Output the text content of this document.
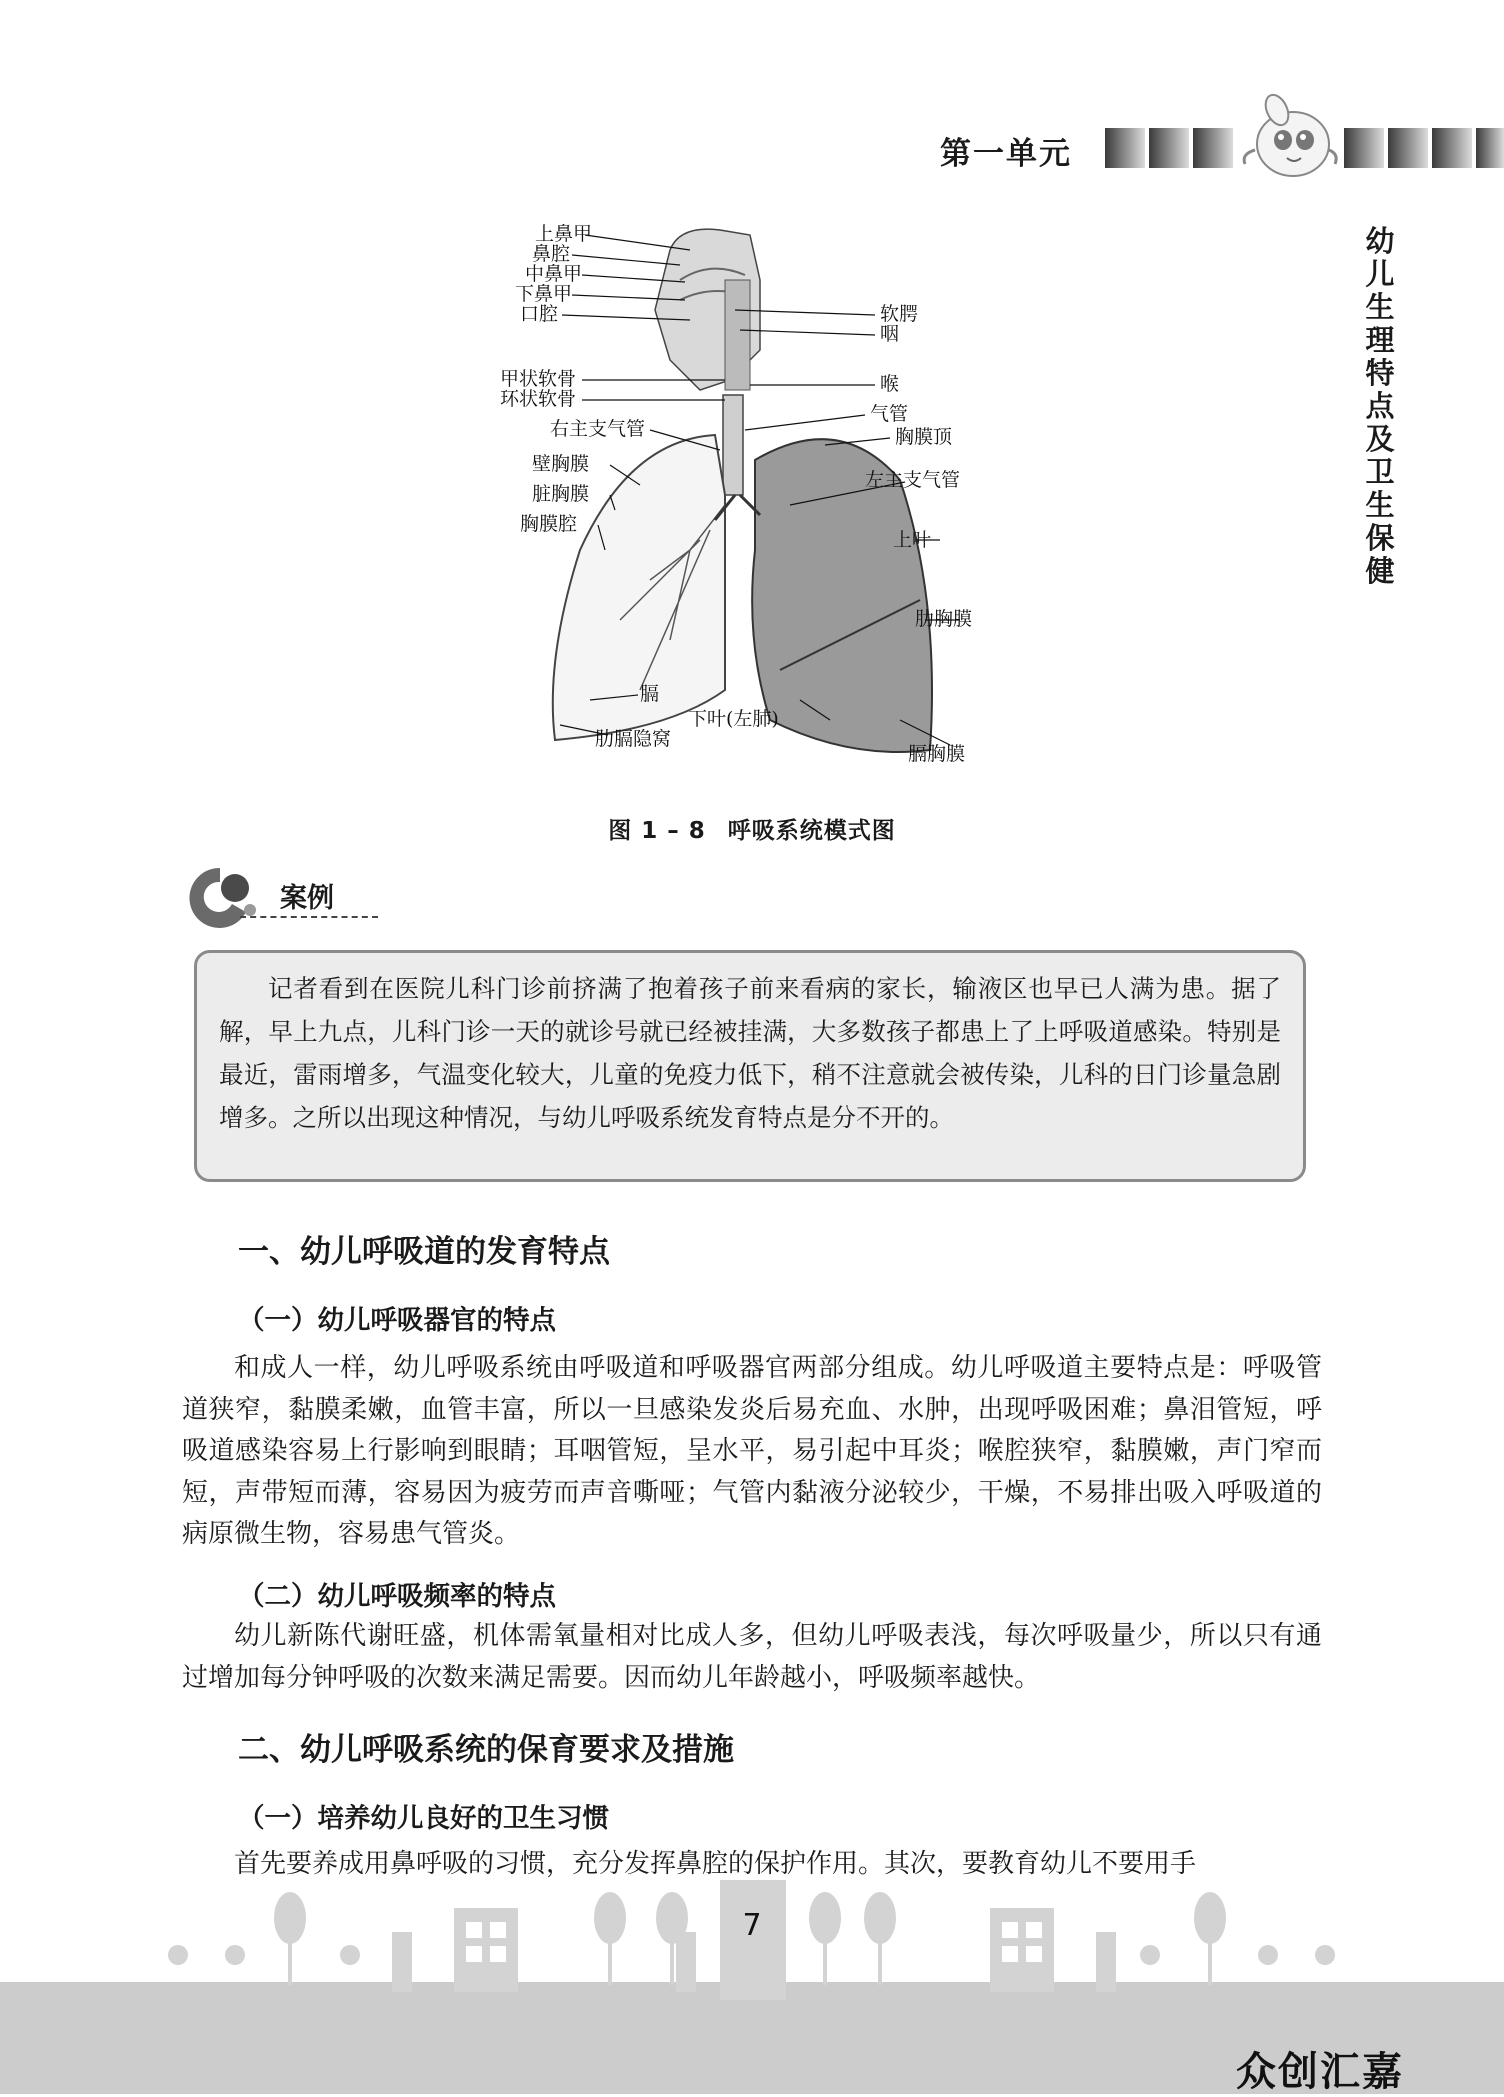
第一单元
幼
儿
生
理
特
点
及
卫
生
保
健
上鼻甲
鼻腔
中鼻甲
下鼻甲
口腔	软腭
咽
甲状软骨
环状软骨
喉
右主支气管
气管
胸膜顶
壁胸膜
脏胸膜
胸膜腔
左主支气管
上叶
肋胸膜
膈
下叶(左肺)
肋膈隐窝
膈胸膜
图 1 – 8 呼吸系统模式图
案例

记者看到在医院儿科门诊前挤满了抱着孩子前来看病的家长，输液区也早已人满为患。据了解，早上九点，儿科门诊一天的就诊号就已经被挂满，大多数孩子都患上了上呼吸道感染。特别是最近，雷雨增多，气温变化较大，儿童的免疫力低下，稍不注意就会被传染，儿科的日门诊量急剧增多。之所以出现这种情况，与幼儿呼吸系统发育特点是分不开的。

一、幼儿呼吸道的发育特点
（一）幼儿呼吸器官的特点

和成人一样，幼儿呼吸系统由呼吸道和呼吸器官两部分组成。幼儿呼吸道主要特点是：呼吸管道狭窄，黏膜柔嫩，血管丰富，所以一旦感染发炎后易充血、水肿，出现呼吸困难；鼻泪管短，呼吸道感染容易上行影响到眼睛；耳咽管短，呈水平，易引起中耳炎；喉腔狭窄，黏膜嫩，声门窄而短，声带短而薄，容易因为疲劳而声音嘶哑；气管内黏液分泌较少，干燥，不易排出吸入呼吸道的病原微生物，容易患气管炎。

（二）幼儿呼吸频率的特点

幼儿新陈代谢旺盛，机体需氧量相对比成人多，但幼儿呼吸表浅，每次呼吸量少，所以只有通过增加每分钟呼吸的次数来满足需要。因而幼儿年龄越小，呼吸频率越快。

二、幼儿呼吸系统的保育要求及措施
（一）培养幼儿良好的卫生习惯

首先要养成用鼻呼吸的习惯，充分发挥鼻腔的保护作用。其次，要教育幼儿不要用手

7
众创汇嘉
